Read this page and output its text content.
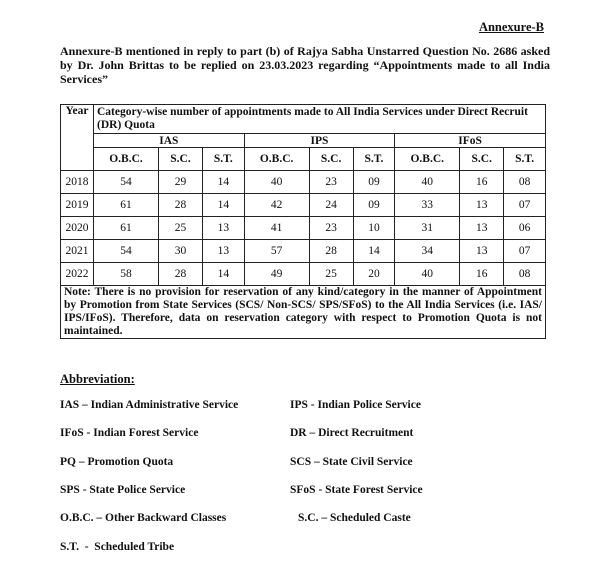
Annexure-B
Annexure-B mentioned in reply to part (b) of Rajya Sabha Unstarred Question No. 2686 asked by Dr. John Brittas to be replied on 23.03.2023 regarding “Appointments made to all India Services”
Year	Category-wise number of appointments made to All India Services under Direct Recruit (DR) Quota								
	IAS			IPS			IFoS		
	O.B.C.	S.C.	S.T.	O.B.C.	S.C.	S.T.	O.B.C.	S.C.	S.T.
2018	54	29	14	40	23	09	40	16	08
2019	61	28	14	42	24	09	33	13	07
2020	61	25	13	41	23	10	31	13	06
2021	54	30	13	57	28	14	34	13	07
2022	58	28	14	49	25	20	40	16	08
Note: There is no provision for reservation of any kind/category in the manner of Appointment by Promotion from State Services (SCS/ Non-SCS/ SPS/SFoS) to the All India Services (i.e. IAS/ IPS/IFoS). Therefore, data on reservation category with respect to Promotion Quota is not maintained.									
Abbreviation:
IAS – Indian Administrative Service	IPS - Indian Police Service
IFoS - Indian Forest Service	DR – Direct Recruitment
PQ – Promotion Quota	SCS – State Civil Service
SPS - State Police Service	SFoS - State Forest Service
O.B.C. – Other Backward Classes	S.C. – Scheduled Caste
S.T.  -  Scheduled Tribe
